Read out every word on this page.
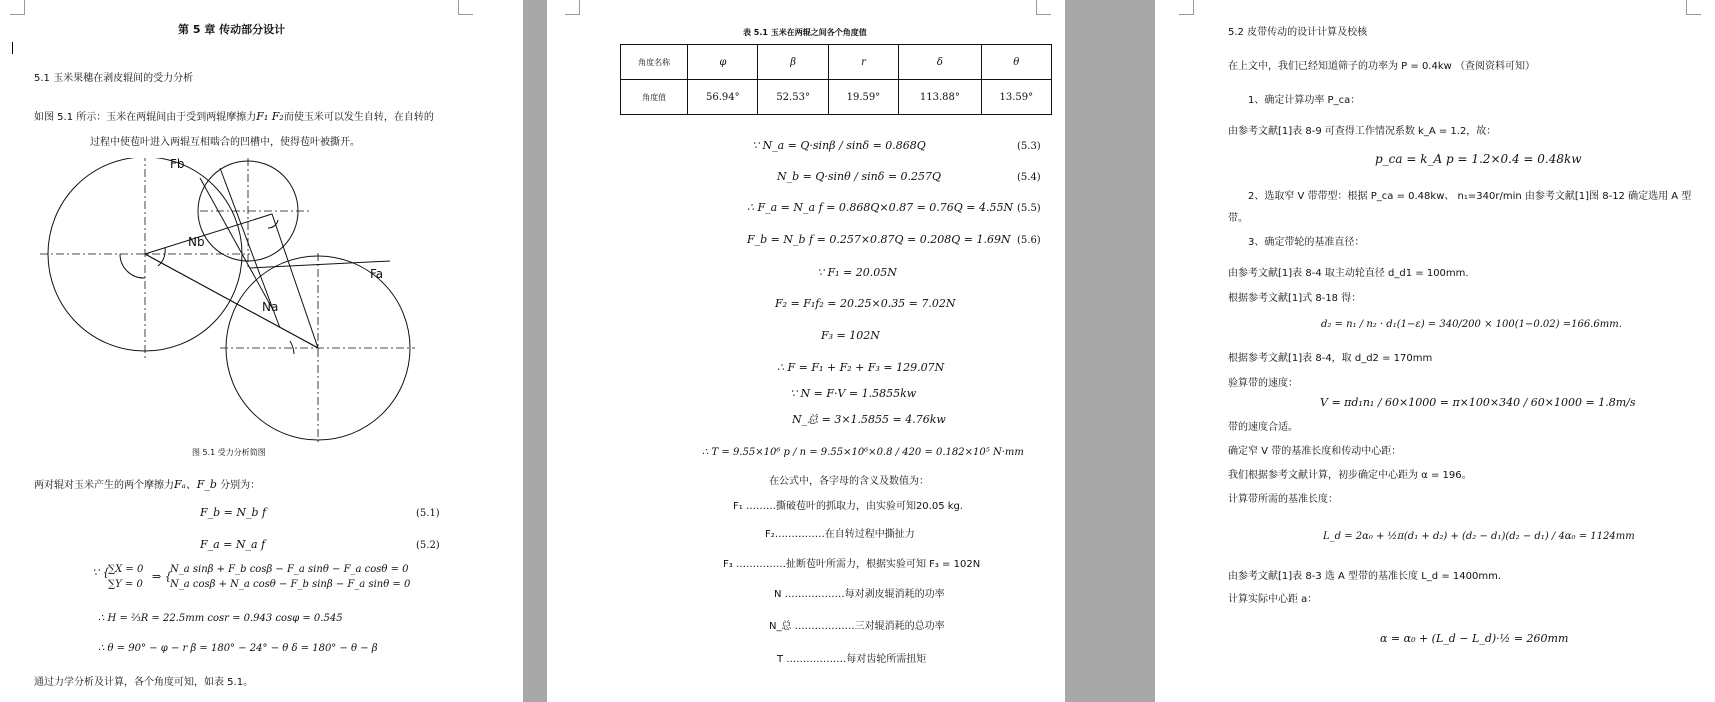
第 5 章 传动部分设计
5.1 玉米果穗在剥皮辊间的受力分析
如图 5.1 所示：玉米在两辊间由于受到两辊摩擦力F₁ F₂而使玉米可以发生自转，在自转的
过程中使苞叶进入两辊互相啮合的凹槽中，使得苞叶被撕开。
Fb
Fa
Nb
Na
图 5.1 受力分析简图
两对辊对玉米产生的两个摩擦力Fₐ、F_b 分别为：
F_b = N_b f	(5.1)
F_a = N_a f	(5.2)
∵ {
∑X = 0
∑Y = 0
⇒ {
N_a sinβ + F_b cosβ − F_a sinθ − F_a cosθ = 0
N_a cosβ + N_a cosθ − F_b sinβ − F_a sinθ = 0
∴ H = ⅔R = 22.5mm cosr = 0.943 cosφ = 0.545
∴ θ = 90° − φ − r β = 180° − 24° − θ δ = 180° − θ − β
通过力学分析及计算，各个角度可知，如表 5.1。
表 5.1 玉米在两辊之间各个角度值
角度名称	φ	β	r	δ	θ
角度值	56.94°	52.53°	19.59°	113.88°	13.59°
∵ N_a = Q·sinβ / sinδ = 0.868Q	(5.3)
N_b = Q·sinθ / sinδ = 0.257Q	(5.4)
∴ F_a = N_a f = 0.868Q×0.87 = 0.76Q = 4.55N (5.5)
F_b = N_b f = 0.257×0.87Q = 0.208Q = 1.69N (5.6)
∵ F₁ = 20.05N
F₂ = F₁f₂ = 20.25×0.35 = 7.02N
F₃ = 102N
∴ F = F₁ + F₂ + F₃ = 129.07N
∵ N = F·V = 1.5855kw
N_总 = 3×1.5855 = 4.76kw
∴ T = 9.55×10⁶ p / n = 9.55×10⁶×0.8 / 420 = 0.182×10⁵ N·mm
在公式中，各字母的含义及数值为：
F₁ ………撕破苞叶的抓取力，由实验可知20.05 kg.
F₂……………在自转过程中撕扯力
F₃ ……………扯断苞叶所需力，根据实验可知 F₃ = 102N
N ………………每对剥皮辊消耗的功率
N_总 ………………三对辊消耗的总功率
T ………………每对齿轮所需扭矩
5.2 皮带传动的设计计算及校核
在上文中，我们已经知道筛子的功率为 P = 0.4kw （查阅资料可知）
1、确定计算功率 P_ca：
由参考文献[1]表 8-9 可查得工作情况系数 k_A = 1.2，故：
p_ca = k_A p = 1.2×0.4 = 0.48kw
2、选取窄 V 带带型：根据 P_ca = 0.48kw、 n₁=340r/min 由参考文献[1]图 8-12 确定选用 A 型
带。
3、确定带轮的基准直径：
由参考文献[1]表 8-4 取主动轮直径 d_d1 = 100mm.
根据参考文献[1]式 8-18 得：
d₂ = n₁ / n₂ · d₁(1−ε) = 340/200 × 100(1−0.02) =166.6mm.
根据参考文献[1]表 8-4，取 d_d2 = 170mm
验算带的速度：
V = πd₁n₁ / 60×1000 = π×100×340 / 60×1000 = 1.8m/s
带的速度合适。
确定窄 V 带的基准长度和传动中心距：
我们根据参考文献计算，初步确定中心距为 α = 196。
计算带所需的基准长度：
L_d = 2α₀ + ½π(d₁ + d₂) + (d₂ − d₁)(d₂ − d₁) / 4α₀ = 1124mm
由参考文献[1]表 8-3 选 A 型带的基准长度 L_d = 1400mm.
计算实际中心距 a：
α = α₀ + (L_d − L_d)·½ = 260mm
